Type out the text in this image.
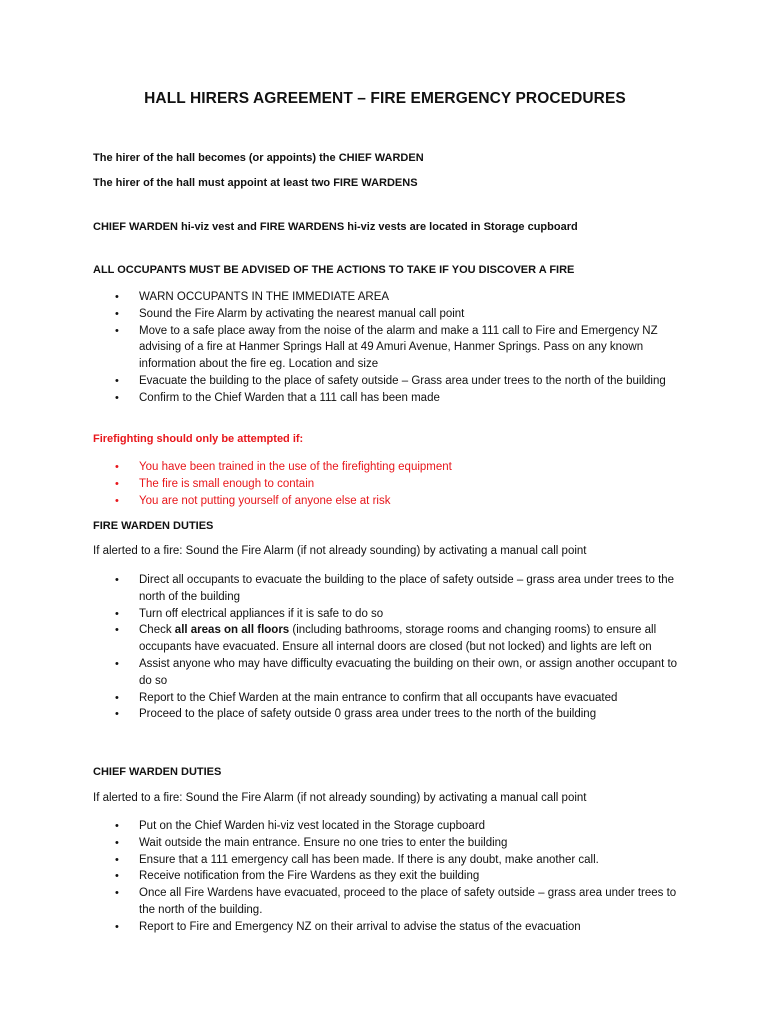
HALL HIRERS AGREEMENT – FIRE EMERGENCY PROCEDURES

The hirer of the hall becomes (or appoints) the CHIEF WARDEN

The hirer of the hall must appoint at least two FIRE WARDENS

CHIEF WARDEN hi-viz vest and FIRE WARDENS hi-viz vests are located in Storage cupboard

ALL OCCUPANTS MUST BE ADVISED OF THE ACTIONS TO TAKE IF YOU DISCOVER A FIRE

• WARN OCCUPANTS IN THE IMMEDIATE AREA
• Sound the Fire Alarm by activating the nearest manual call point
• Move to a safe place away from the noise of the alarm and make a 111 call to Fire and Emergency NZ advising of a fire at Hanmer Springs Hall at 49 Amuri Avenue, Hanmer Springs. Pass on any known information about the fire eg. Location and size
• Evacuate the building to the place of safety outside – Grass area under trees to the north of the building
• Confirm to the Chief Warden that a 111 call has been made

Firefighting should only be attempted if:

• You have been trained in the use of the firefighting equipment
• The fire is small enough to contain
• You are not putting yourself of anyone else at risk

FIRE WARDEN DUTIES

If alerted to a fire: Sound the Fire Alarm (if not already sounding) by activating a manual call point

• Direct all occupants to evacuate the building to the place of safety outside – grass area under trees to the north of the building
• Turn off electrical appliances if it is safe to do so
• Check all areas on all floors (including bathrooms, storage rooms and changing rooms) to ensure all occupants have evacuated. Ensure all internal doors are closed (but not locked) and lights are left on
• Assist anyone who may have difficulty evacuating the building on their own, or assign another occupant to do so
• Report to the Chief Warden at the main entrance to confirm that all occupants have evacuated
• Proceed to the place of safety outside 0 grass area under trees to the north of the building

CHIEF WARDEN DUTIES

If alerted to a fire: Sound the Fire Alarm (if not already sounding) by activating a manual call point

• Put on the Chief Warden hi-viz vest located in the Storage cupboard
• Wait outside the main entrance. Ensure no one tries to enter the building
• Ensure that a 111 emergency call has been made. If there is any doubt, make another call.
• Receive notification from the Fire Wardens as they exit the building
• Once all Fire Wardens have evacuated, proceed to the place of safety outside – grass area under trees to the north of the building.
• Report to Fire and Emergency NZ on their arrival to advise the status of the evacuation
